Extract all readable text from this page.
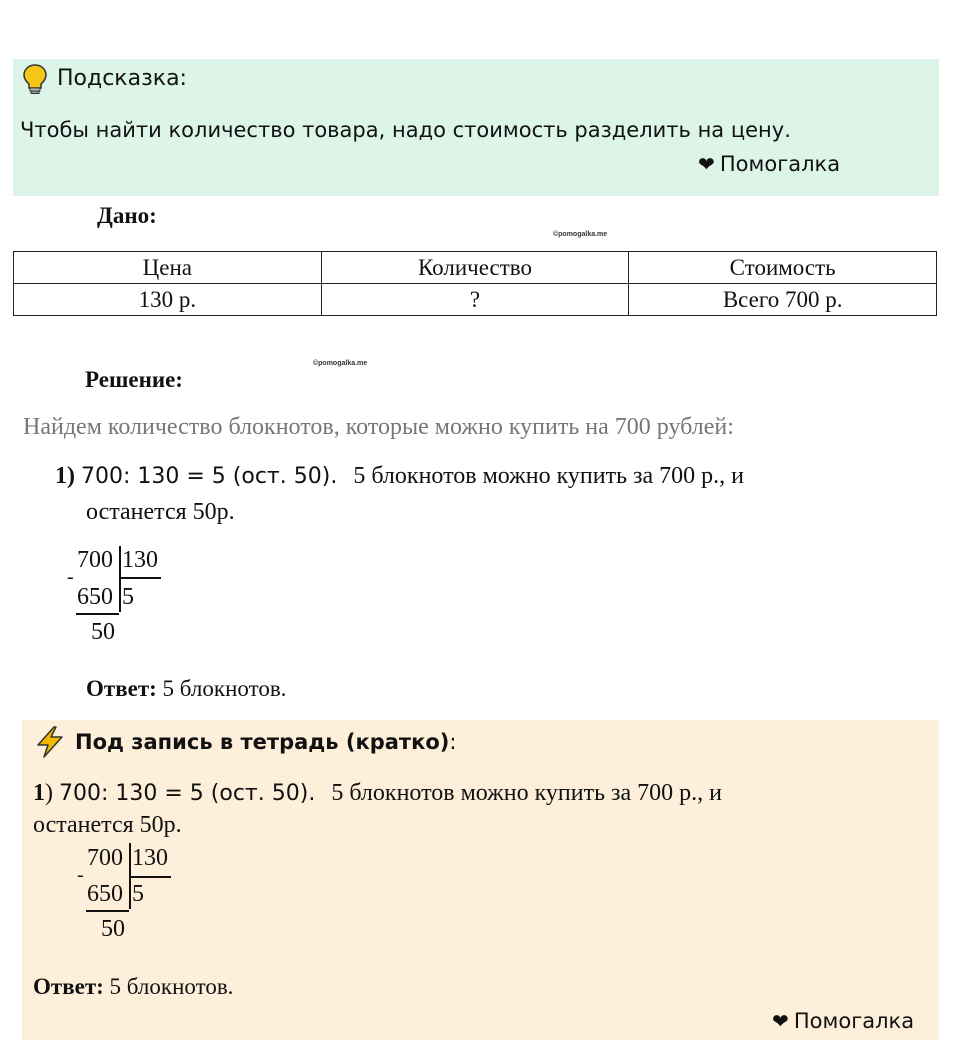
Подсказка:
Чтобы найти количество товара, надо стоимость разделить на цену.
❤ Помогалка
Дано:
©pomogalka.me
Цена	Количество	Стоимость
130 р.	?	Всего 700 р.
©pomogalka.me
Решение:
Найдем количество блокнотов, которые можно купить на 700 рублей:
1) 700: 130 = 5 (ост. 50). 5 блокнотов можно купить за 700 р., и
останется 50р.
700 130
-
650 5
50
Ответ: 5 блокнотов.
Под запись в тетрадь (кратко):
1) 700: 130 = 5 (ост. 50). 5 блокнотов можно купить за 700 р., и
останется 50р.
700 130
-
650 5
50
Ответ: 5 блокнотов.
❤ Помогалка
